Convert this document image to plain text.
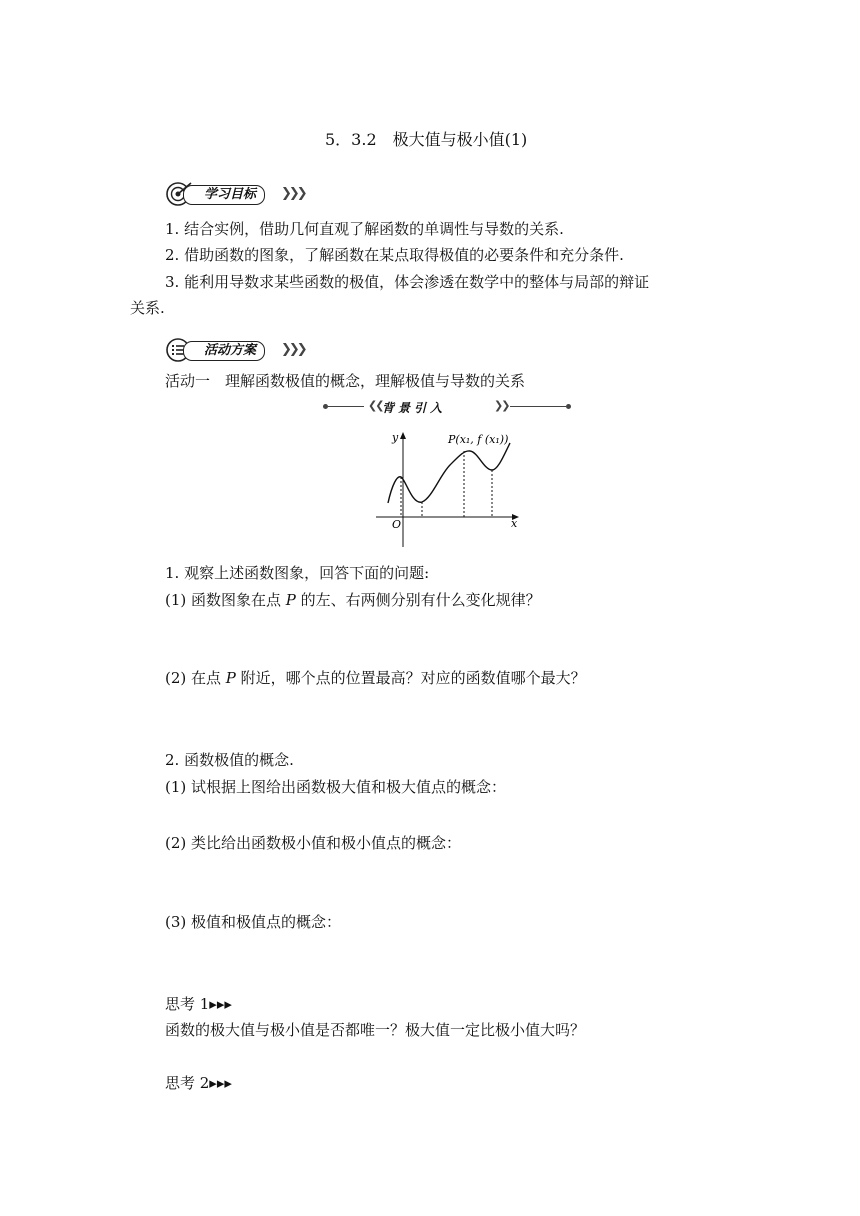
5．3.2　极大值与极小值(1)
学习目标	❯❯❯
1. 结合实例，借助几何直观了解函数的单调性与导数的关系.
2. 借助函数的图象，了解函数在某点取得极值的必要条件和充分条件.
3. 能利用导数求某些函数的极值，体会渗透在数学中的整体与局部的辩证
关系.
活动方案	❯❯❯
活动一　理解函数极值的概念，理解极值与导数的关系
❮❮ 背景引入	❯❯
y
x
O
P(x₁, f (x₁))
1. 观察上述函数图象，回答下面的问题:
(1) 函数图象在点 P 的左、右两侧分别有什么变化规律？
(2) 在点 P 附近，哪个点的位置最高？对应的函数值哪个最大？
2. 函数极值的概念.
(1) 试根据上图给出函数极大值和极大值点的概念：
(2) 类比给出函数极小值和极小值点的概念：
(3) 极值和极值点的概念：
思考 1▸▸▸
函数的极大值与极小值是否都唯一？极大值一定比极小值大吗？
思考 2▸▸▸
